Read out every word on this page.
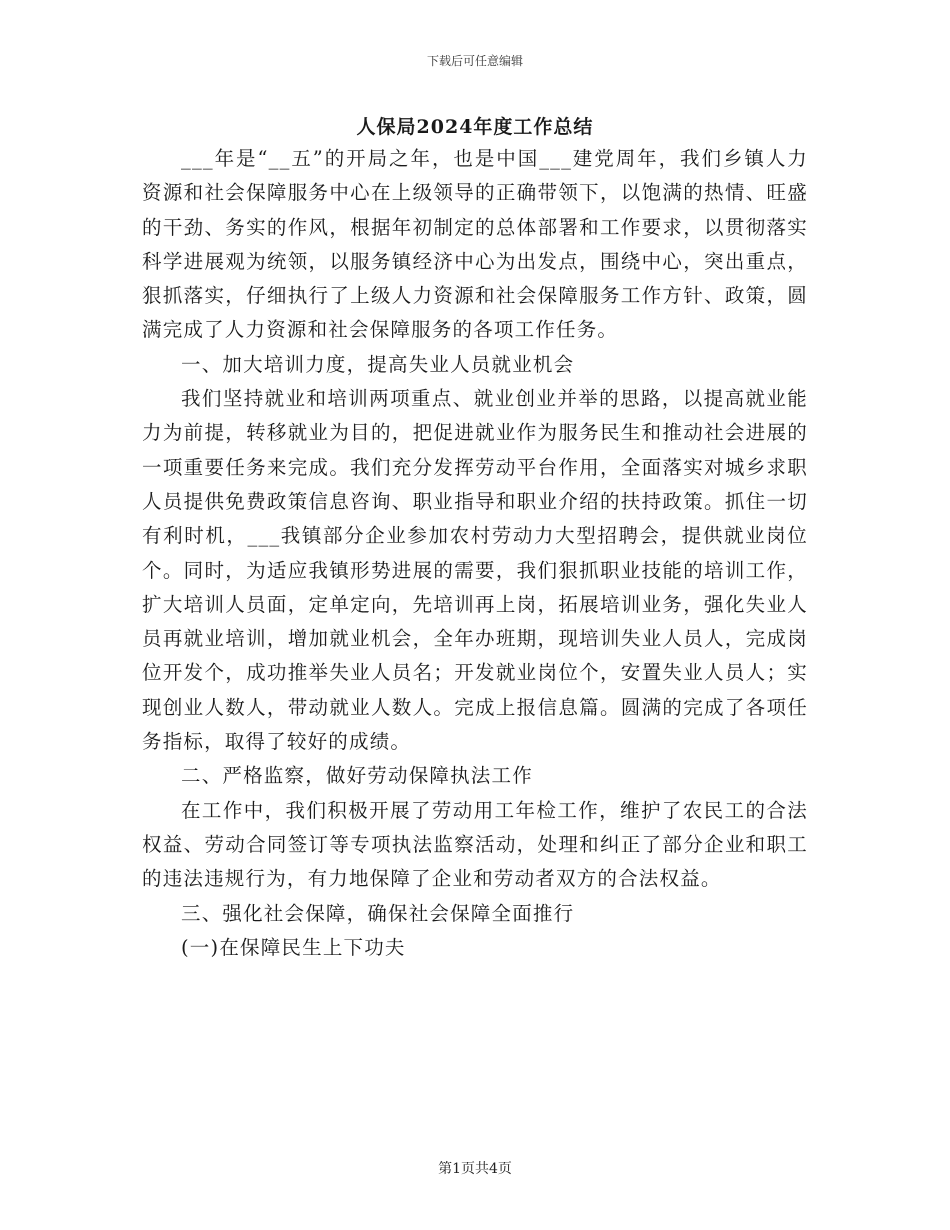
下载后可任意编辑
人保局2024年度工作总结

___年是“__五”的开局之年，也是中国___建党周年，我们乡镇人力资源和社会保障服务中心在上级领导的正确带领下，以饱满的热情、旺盛的干劲、务实的作风，根据年初制定的总体部署和工作要求，以贯彻落实科学进展观为统领，以服务镇经济中心为出发点，围绕中心，突出重点，狠抓落实，仔细执行了上级人力资源和社会保障服务工作方针、政策，圆满完成了人力资源和社会保障服务的各项工作任务。

一、加大培训力度，提高失业人员就业机会

我们坚持就业和培训两项重点、就业创业并举的思路，以提高就业能力为前提，转移就业为目的，把促进就业作为服务民生和推动社会进展的一项重要任务来完成。我们充分发挥劳动平台作用，全面落实对城乡求职人员提供免费政策信息咨询、职业指导和职业介绍的扶持政策。抓住一切有利时机，___我镇部分企业参加农村劳动力大型招聘会，提供就业岗位个。同时，为适应我镇形势进展的需要，我们狠抓职业技能的培训工作，扩大培训人员面，定单定向，先培训再上岗，拓展培训业务，强化失业人员再就业培训，增加就业机会，全年办班期，现培训失业人员人，完成岗位开发个，成功推举失业人员名；开发就业岗位个，安置失业人员人；实现创业人数人，带动就业人数人。完成上报信息篇。圆满的完成了各项任务指标，取得了较好的成绩。

二、严格监察，做好劳动保障执法工作

在工作中，我们积极开展了劳动用工年检工作，维护了农民工的合法权益、劳动合同签订等专项执法监察活动，处理和纠正了部分企业和职工的违法违规行为，有力地保障了企业和劳动者双方的合法权益。

三、强化社会保障，确保社会保障全面推行

(一)在保障民生上下功夫

第1页共4页
